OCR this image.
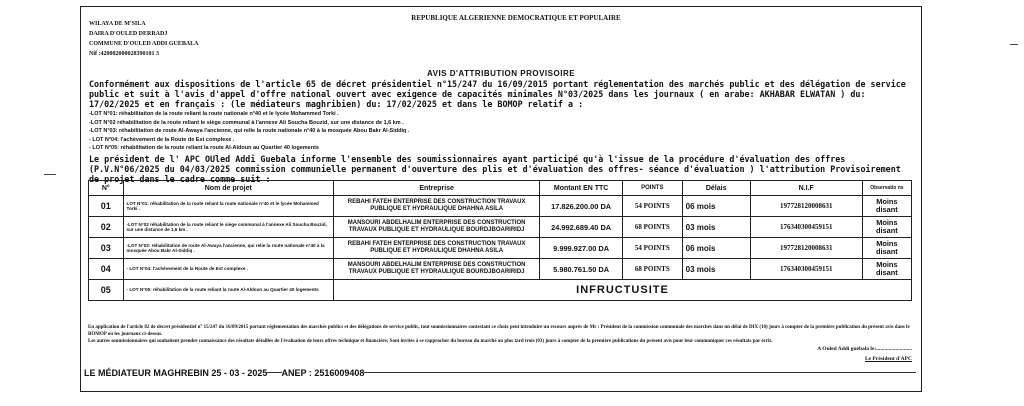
REPUBLIQUE ALGERIENNE DEMOCRATIQUE ET POPULAIRE
WILAYA DE M'SILA
DAIRA D'OULED DERRADJ
COMMUNE D'OULED ADDI GUEBALA
Nif :420002000028390101 3
AVIS D'ATTRIBUTION PROVISOIRE

Conformément aux dispositions de l'article 65 de décret présidentiel n°15/247 du 16/09/2015 portant réglementation des marchés public et des délégation de service public et suit à l'avis d'appel d'offre national ouvert avec exigence de capacités minimales N°03/2025 dans les journaux ( en arabe: AKHABAR ELWATAN ) du: 17/02/2025 et en français : (le médiateurs maghribien) du: 17/02/2025 et dans le BOMOP relatif a :

-LOT N°01: réhabilitation de la route reliant la route nationale n°40 et le lycée Mohammed Torki .
-LOT N°02 réhabilitation de la route reliant le siège communal à l'annexe Ali Soucha Bouzid, sur une distance de 1,6 km .
-LOT N°03: réhabilitation de route Al-Awaya l'ancienne, qui relie la route nationale n°40 à la mosquée Abou Bakr Al-Siddiq .
- LOT N°04: l'achèvement de la Route de Est complexe .
- LOT N°05: réhabilitation de la route reliant la route Al-Aldoun au Quartier 40 logements
Le président de l' APC OUled Addi Guebala informe l'ensemble des soumissionnaires ayant participé qu'à l'issue de la procédure d'évaluation des offres (P.V.N°06/2025 du 04/03/2025 commission communielle permanent d'ouverture des plis et d'évaluation des offres- séance d'évaluation ) l'attribution Provisoirement de projet dans le cadre comme suit :
N°	Nom de projet	Entreprise	Montant EN TTC	POINTS	Délais	N.I.F	Observatio ns
01	LOT N°01: réhabilitation de la route reliant la route nationale n°40 et le lycée Mohammed Torki .	REBAHI FATEH ENTERPRISE DES CONSTRUCTION TRAVAUX PUBLIQUE ET HYDRAULIQUE DHAHNA ASILA	17.826.200.00 DA	54 POINTS	06 mois	197728120008631	Moins disant
02	-LOT N°02 réhabilitation de la route reliant le siège communal à l'annexe Ali Soucha Bouzid, sur une distance de 1,6 km .	MANSOURI ABDELHALIM ENTERPRISE DES CONSTRUCTION TRAVAUX PUBLIQUE ET HYDRAULIQUE BOURDJBOARIRIDJ	24.992.689.40 DA	68 POINTS	03 mois	176340300459151	Moins disant
03	-LOT N°03: réhabilitation de route Al-Awaya l'ancienne, qui relie la route nationale n°40 à la mosquée Abou Bakr Al-Siddiq .	REBAHI FATEH ENTERPRISE DES CONSTRUCTION TRAVAUX PUBLIQUE ET HYDRAULIQUE DHAHNA ASILA	9.999.927.00 DA	54 POINTS	06 mois	197728120008631	Moins disant
04	- LOT N°04: l'achèvement de la Route de Est complexe .	MANSOURI ABDELHALIM ENTERPRISE DES CONSTRUCTION TRAVAUX PUBLIQUE ET HYDRAULIQUE BOURDJBOARIRIDJ	5.980.761.50 DA	68 POINTS	03 mois	176340300459151	Moins disant
05	- LOT N°05: réhabilitation de la route reliant la route Al-Aldoun au Quartier 40 logements	INFRUCTUSITE					
En application de l'article 82 de décret présidentiel n° 15/247 du 16/09/2015 portant réglementation des marchés publics et des délégations de service public, tout soumissionnaires contestant ce choix peut introduire un recours auprès de Mr : Président de la commission communale des marchés dans un délai de DIX (10) jours à compter de la première publication du présent avis dans le BOMOP ou les journaux ci-dessus.
Les autres soumissionnaires qui souhaitent prendre connaissance des résultats détaillés de l'évaluation de leurs offres technique et financière; Sont invités à se rapprocher du bureau du marché au plus tard trois (03) jours à compter de la première publications du présent avis pour leur communiquer ces résultats par écrit.
A Ouled Addi guebala le:..........................
Le Président d'APC
LE MÉDIATEUR MAGHREBIN 25 - 03 - 2025 ANEP : 2516009408
